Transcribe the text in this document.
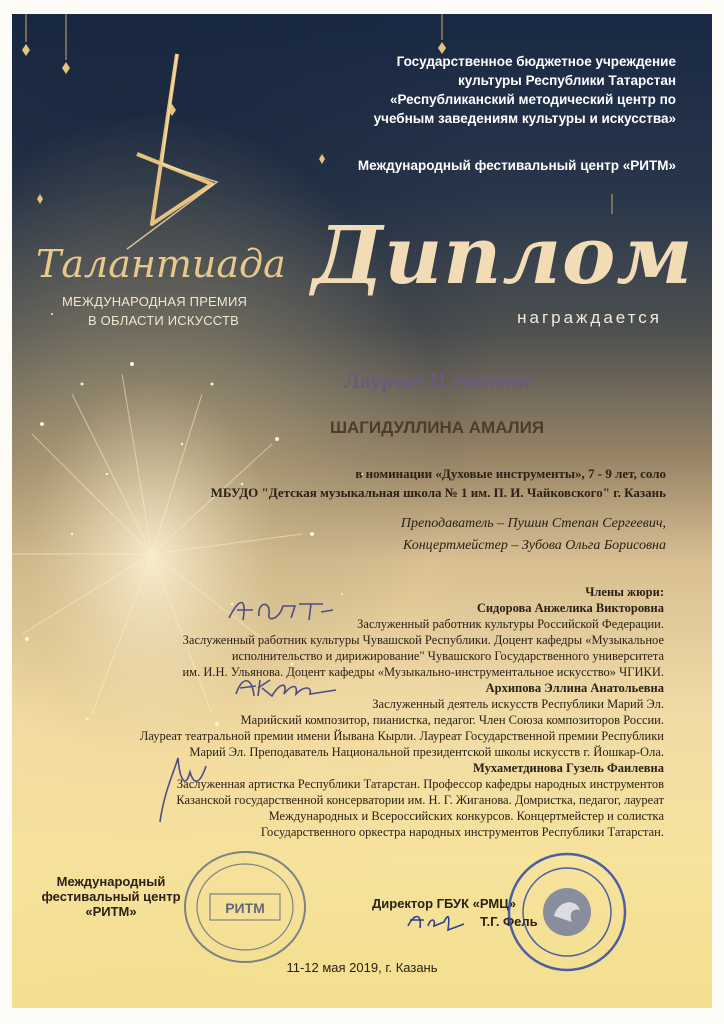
Государственное бюджетное учреждение
культуры Республики Татарстан
«Республиканский методический центр по
учебным заведениям культуры и искусства»
Международный фестивальный центр «РИТМ»
Талантиада
МЕЖДУНАРОДНАЯ ПРЕМИЯ
В ОБЛАСТИ ИСКУССТВ
Диплом
награждается
Лауреат II степени
ШАГИДУЛЛИНА АМАЛИЯ
в номинации «Духовые инструменты», 7 - 9 лет, соло
МБУДО "Детская музыкальная школа № 1 им. П. И. Чайковского" г. Казань
Преподаватель – Пушин Степан Сергеевич,
Концертмейстер – Зубова Ольга Борисовна
Члены жюри:
Сидорова Анжелика Викторовна
Заслуженный работник культуры Российской Федерации.
Заслуженный работник культуры Чувашской Республики. Доцент кафедры «Музыкальное
исполнительство и дирижирование" Чувашского Государственного университета
им. И.Н. Ульянова. Доцент кафедры «Музыкально-инструментальное искусство» ЧГИКИ.
Архипова Эллина Анатольевна
Заслуженный деятель искусств Республики Марий Эл.
Марийский композитор, пианистка, педагог. Член Союза композиторов России.
Лауреат театральной премии имени Йывана Кырли. Лауреат Государственной премии Республики
Марий Эл. Преподаватель Национальной президентской школы искусств г. Йошкар-Ола.
Мухаметдинова Гузель Фаилевна
Заслуженная артистка Республики Татарстан. Профессор кафедры народных инструментов
Казанской государственной консерватории им. Н. Г. Жиганова. Домристка, педагог, лауреат
Международных и Всероссийских конкурсов. Концертмейстер и солистка
Государственного оркестра народных инструментов Республики Татарстан.
Международный
фестивальный центр
«РИТМ»	РИТМ	Директор ГБУК «РМЦ»
Т.Г. Фель
11-12 мая 2019, г. Казань
